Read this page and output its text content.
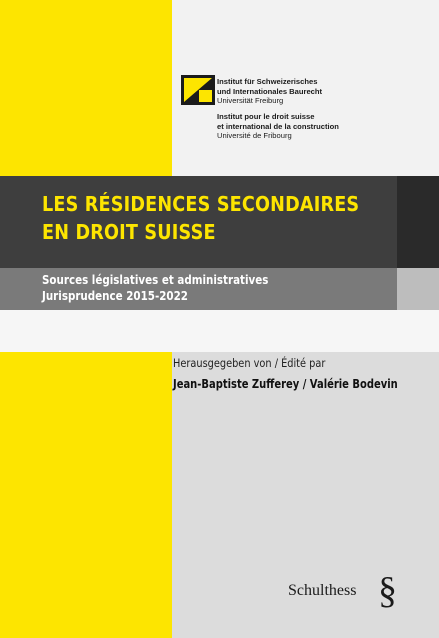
Institut für Schweizerisches
und Internationales Baurecht
Universität Freiburg
Institut pour le droit suisse
et international de la construction
Université de Fribourg
LES RÉSIDENCES SECONDAIRES
EN DROIT SUISSE
Sources législatives et administratives
Jurisprudence 2015-2022
Herausgegeben von / Édité par
Jean-Baptiste Zufferey / Valérie Bodevin
Schulthess §
